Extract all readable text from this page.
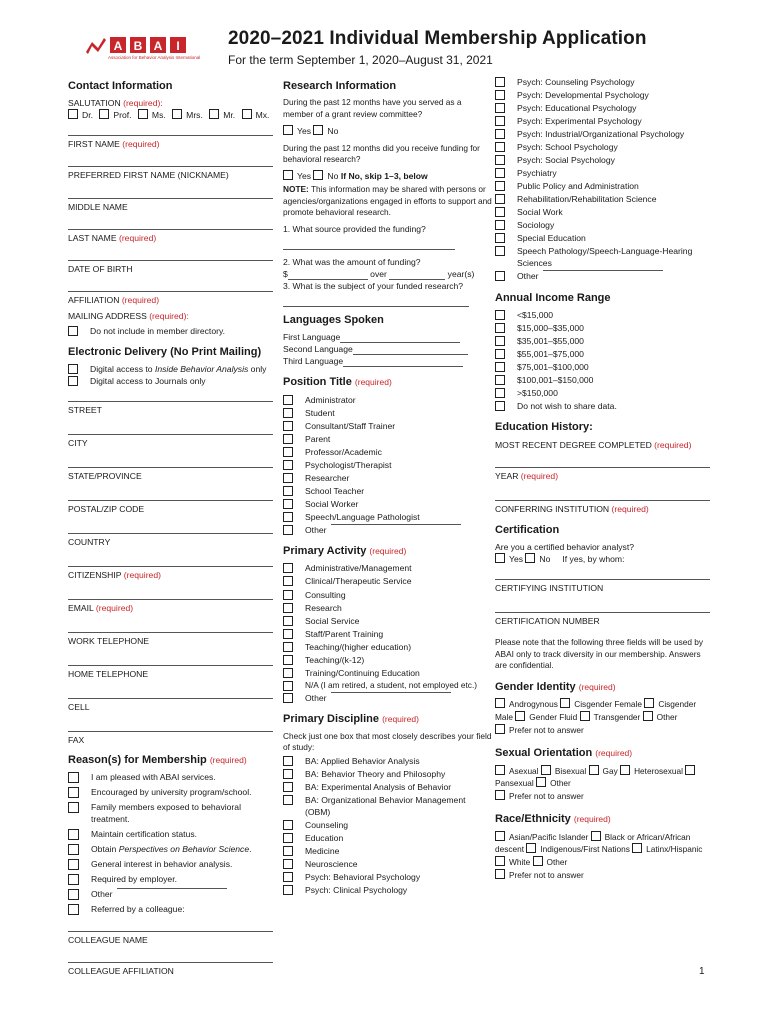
A B A I
Association for Behavior Analysis International
2020–2021 Individual Membership Application
For the term September 1, 2020–August 31, 2021
Contact Information
SALUTATION (required):
Dr. Prof. Ms. Mrs. Mr. Mx.
FIRST NAME (required)
PREFERRED FIRST NAME (NICKNAME)
MIDDLE NAME
LAST NAME (required)
DATE OF BIRTH
AFFILIATION (required)
MAILING ADDRESS (required):
Do not include in member directory.
Electronic Delivery (No Print Mailing)
Digital access to Inside Behavior Analysis only
Digital access to Journals only
STREET
CITY
STATE/PROVINCE
POSTAL/ZIP CODE
COUNTRY
CITIZENSHIP (required)
EMAIL (required)
WORK TELEPHONE
HOME TELEPHONE
CELL
FAX
Reason(s) for Membership (required)
I am pleased with ABAI services.
Encouraged by university program/school.
Family members exposed to behavioral treatment.
Maintain certification status.
Obtain Perspectives on Behavior Science.
General interest in behavior analysis.
Required by employer.
Other
Referred by a colleague:
COLLEAGUE NAME
COLLEAGUE AFFILIATION
Research Information
During the past 12 months have you served as a member of a grant review committee?
Yes No
During the past 12 months did you receive funding for behavioral research?
Yes No If No, skip 1–3, below
NOTE: This information may be shared with persons or agencies/organizations engaged in efforts to support and promote behavioral research.
1. What source provided the funding?
2. What was the amount of funding?
$	over	year(s)
3. What is the subject of your funded research?
Languages Spoken
First Language
Second Language
Third Language
Position Title (required)
Administrator
Student
Consultant/Staff Trainer
Parent
Professor/Academic
Psychologist/Therapist
Researcher
School Teacher
Social Worker
Speech/Language Pathologist
Other
Primary Activity (required)
Administrative/Management
Clinical/Therapeutic Service
Consulting
Research
Social Service
Staff/Parent Training
Teaching/(higher education)
Teaching/(k-12)
Training/Continuing Education
N/A (I am retired, a student, not employed etc.)
Other
Primary Discipline (required)
Check just one box that most closely describes your field of study:
BA: Applied Behavior Analysis
BA: Behavior Theory and Philosophy
BA: Experimental Analysis of Behavior
BA: Organizational Behavior Management (OBM)
Counseling
Education
Medicine
Neuroscience
Psych: Behavioral Psychology
Psych: Clinical Psychology
Psych: Counseling Psychology
Psych: Developmental Psychology
Psych: Educational Psychology
Psych: Experimental Psychology
Psych: Industrial/Organizational Psychology
Psych: School Psychology
Psych: Social Psychology
Psychiatry
Public Policy and Administration
Rehabilitation/Rehabilitation Science
Social Work
Sociology
Special Education
Speech Pathology/Speech-Language-Hearing Sciences
Other
Annual Income Range
<$15,000
$15,000–$35,000
$35,001–$55,000
$55,001–$75,000
$75,001–$100,000
$100,001–$150,000
>$150,000
Do not wish to share data.
Education History:
MOST RECENT DEGREE COMPLETED (required)
YEAR (required)
CONFERRING INSTITUTION (required)
Certification
Are you a certified behavior analyst?
Yes No If yes, by whom:
CERTIFYING INSTITUTION
CERTIFICATION NUMBER
Please note that the following three fields will be used by ABAI only to track diversity in our membership. Answers are confidential.
Gender Identity (required)
Androgynous Cisgender Female Cisgender Male Gender Fluid Transgender Other
Prefer not to answer
Sexual Orientation (required)
Asexual Bisexual Gay Heterosexual Pansexual Other
Prefer not to answer
Race/Ethnicity (required)
Asian/Pacific Islander Black or African/African descent Indigenous/First Nations Latinx/Hispanic White Other
Prefer not to answer
1
